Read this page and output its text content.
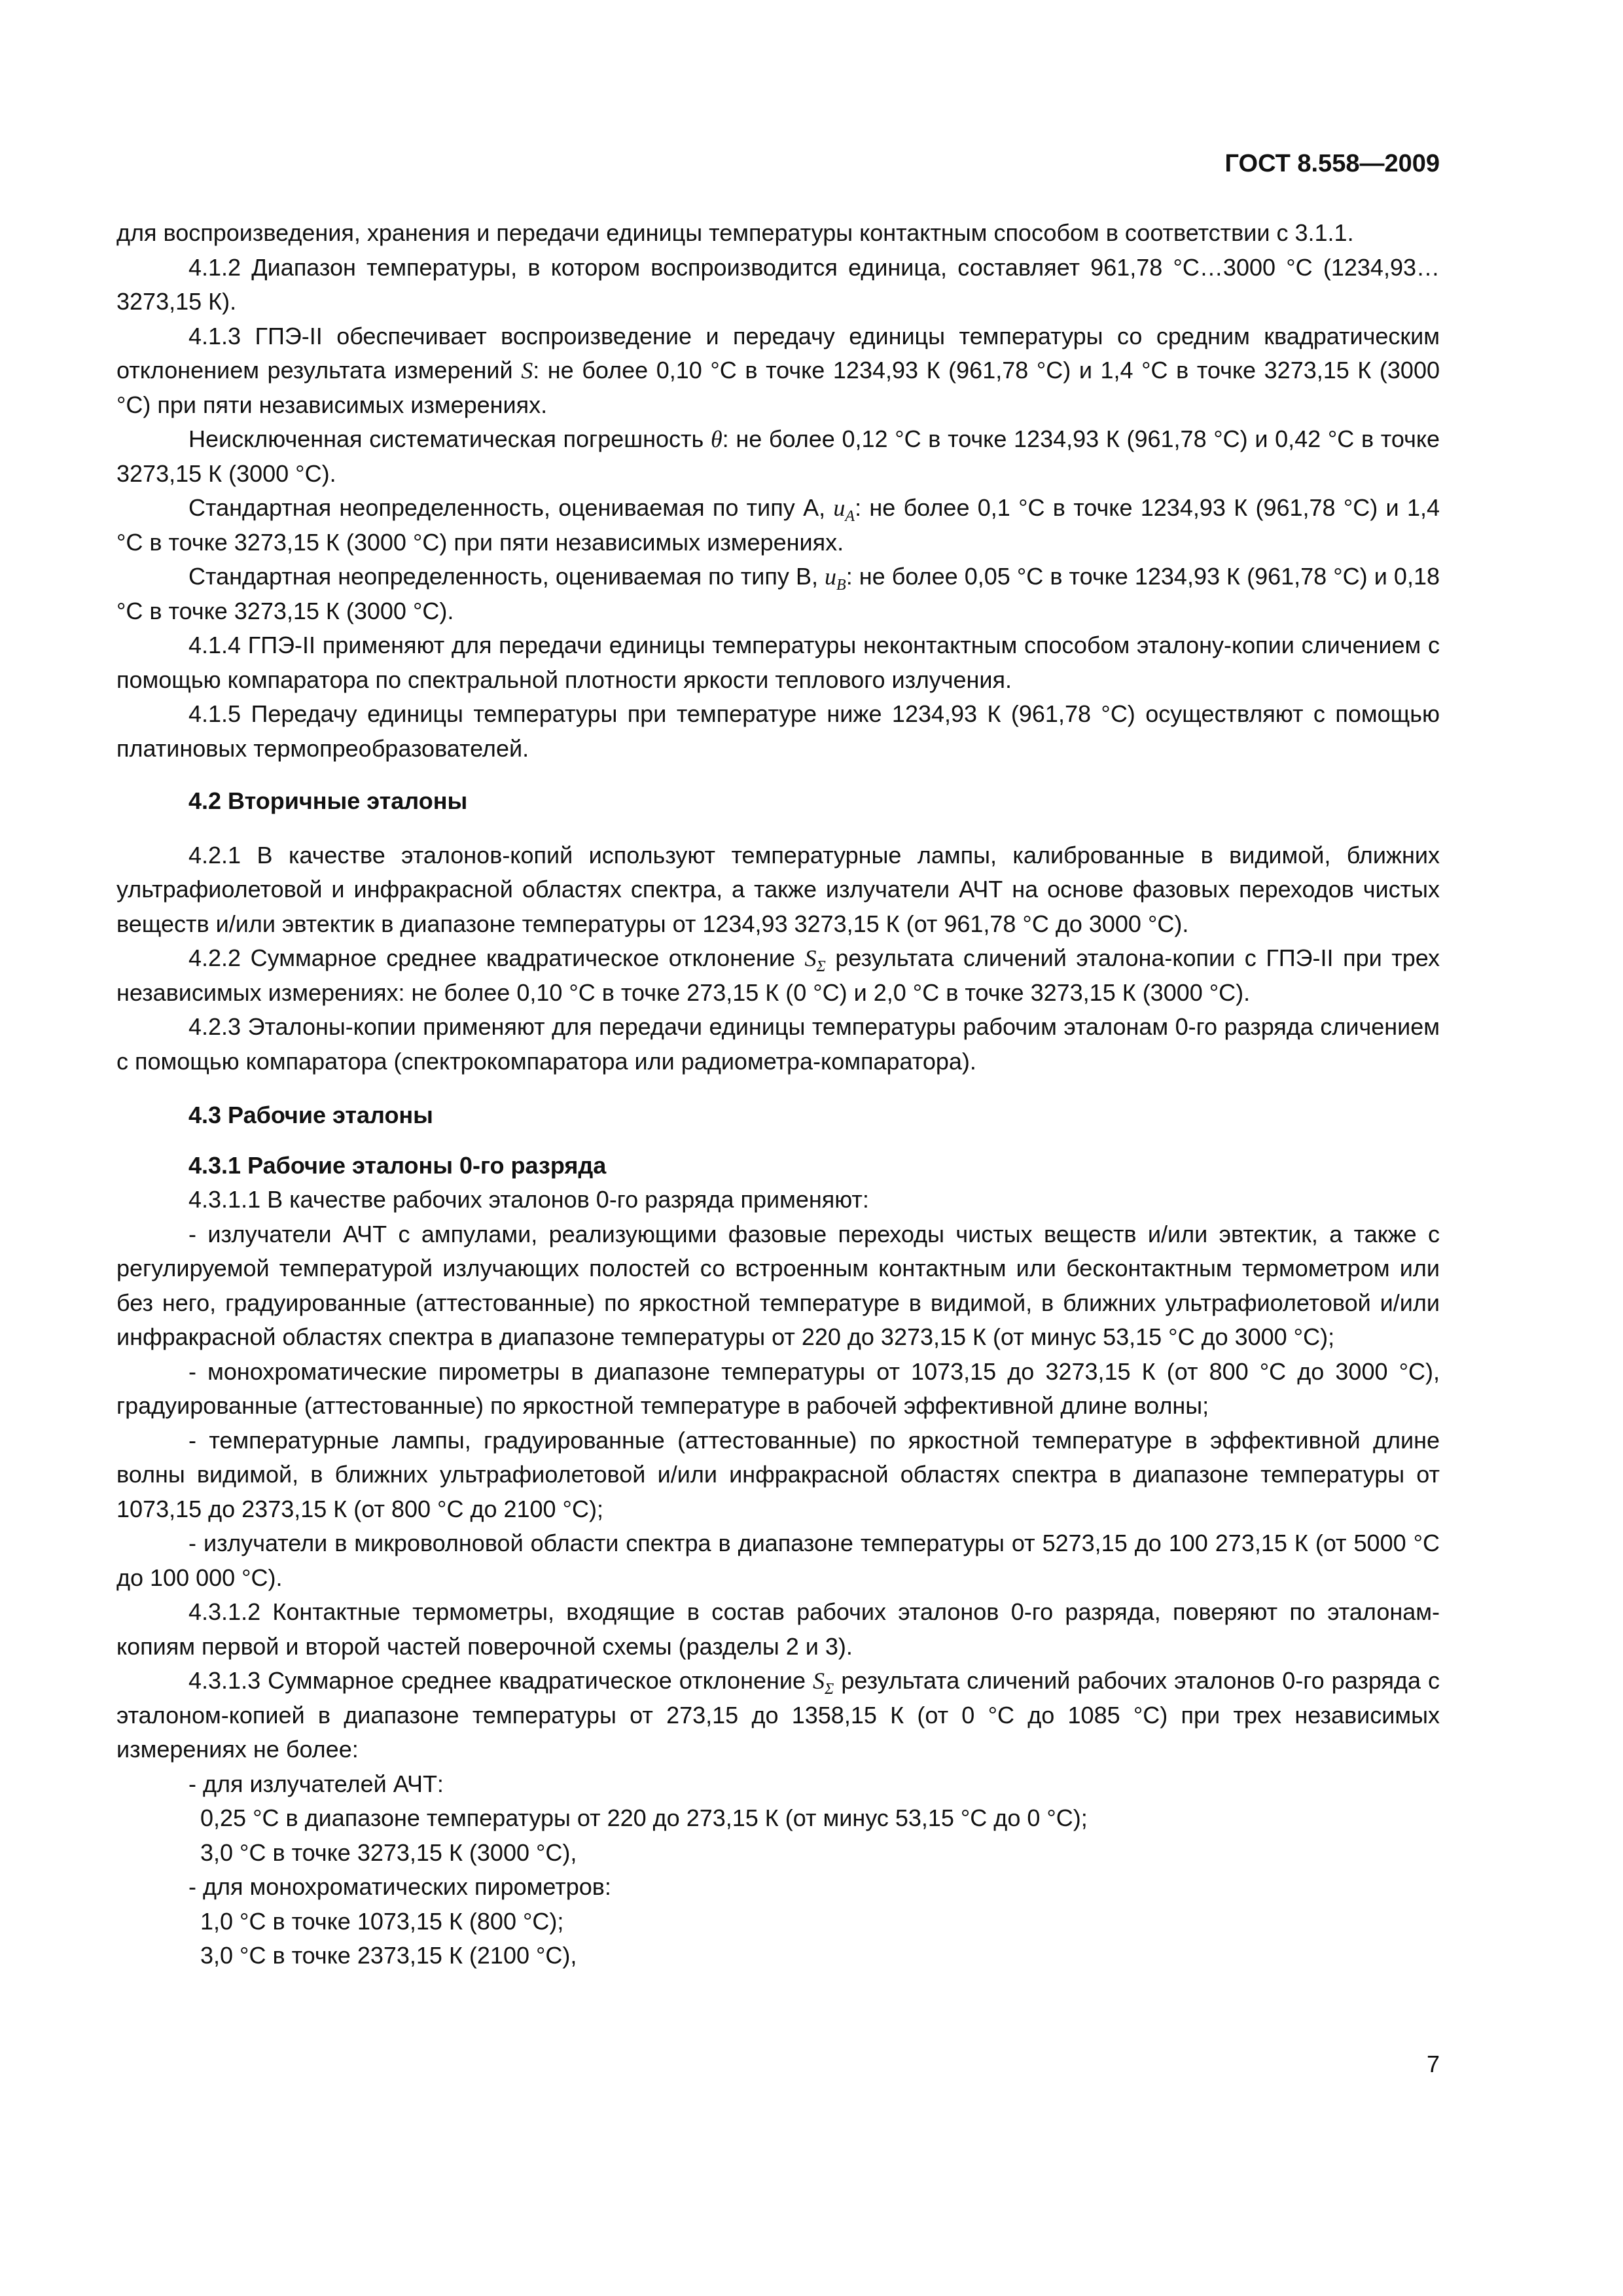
ГОСТ 8.558—2009

для воспроизведения, хранения и передачи единицы температуры контактным способом в соответствии с 3.1.1.

4.1.2 Диапазон температуры, в котором воспроизводится единица, составляет 961,78 °С…3000 °С (1234,93…3273,15 К).

4.1.3 ГПЭ-II обеспечивает воспроизведение и передачу единицы температуры со средним квадратическим отклонением результата измерений S: не более 0,10 °С в точке 1234,93 К (961,78 °С) и 1,4 °С в точке 3273,15 К (3000 °С) при пяти независимых измерениях.

Неисключенная систематическая погрешность θ: не более 0,12 °С в точке 1234,93 К (961,78 °С) и 0,42 °С в точке 3273,15 К (3000 °С).

Стандартная неопределенность, оцениваемая по типу А, $u_A$: не более 0,1 °С в точке 1234,93 К (961,78 °С) и 1,4 °С в точке 3273,15 К (3000 °С) при пяти независимых измерениях.

Стандартная неопределенность, оцениваемая по типу В, $u_B$: не более 0,05 °С в точке 1234,93 К (961,78 °С) и 0,18 °С в точке 3273,15 К (3000 °С).

4.1.4 ГПЭ-II применяют для передачи единицы температуры неконтактным способом эталону-копии сличением с помощью компаратора по спектральной плотности яркости теплового излучения.

4.1.5 Передачу единицы температуры при температуре ниже 1234,93 К (961,78 °С) осуществляют с помощью платиновых термопреобразователей.

4.2 Вторичные эталоны

4.2.1 В качестве эталонов-копий используют температурные лампы, калиброванные в видимой, ближних ультрафиолетовой и инфракрасной областях спектра, а также излучатели АЧТ на основе фазовых переходов чистых веществ и/или эвтектик в диапазоне температуры от 1234,93 3273,15 К (от 961,78 °С до 3000 °С).

4.2.2 Суммарное среднее квадратическое отклонение $S_\Sigma$ результата сличений эталона-копии с ГПЭ-II при трех независимых измерениях: не более 0,10 °С в точке 273,15 К (0 °С) и 2,0 °С в точке 3273,15 К (3000 °С).

4.2.3 Эталоны-копии применяют для передачи единицы температуры рабочим эталонам 0-го разряда сличением с помощью компаратора (спектрокомпаратора или радиометра-компаратора).

4.3 Рабочие эталоны

4.3.1 Рабочие эталоны 0-го разряда

4.3.1.1 В качестве рабочих эталонов 0-го разряда применяют:

- излучатели АЧТ с ампулами, реализующими фазовые переходы чистых веществ и/или эвтектик, а также с регулируемой температурой излучающих полостей со встроенным контактным или бесконтактным термометром или без него, градуированные (аттестованные) по яркостной температуре в видимой, в ближних ультрафиолетовой и/или инфракрасной областях спектра в диапазоне температуры от 220 до 3273,15 К (от минус 53,15 °С до 3000 °С);

- монохроматические пирометры в диапазоне температуры от 1073,15 до 3273,15 К (от 800 °С до 3000 °С), градуированные (аттестованные) по яркостной температуре в рабочей эффективной длине волны;

- температурные лампы, градуированные (аттестованные) по яркостной температуре в эффективной длине волны видимой, в ближних ультрафиолетовой и/или инфракрасной областях спектра в диапазоне температуры от 1073,15 до 2373,15 К (от 800 °С до 2100 °С);

- излучатели в микроволновой области спектра в диапазоне температуры от 5273,15 до 100 273,15 К (от 5000 °С до 100 000 °С).

4.3.1.2 Контактные термометры, входящие в состав рабочих эталонов 0-го разряда, поверяют по эталонам-копиям первой и второй частей поверочной схемы (разделы 2 и 3).

4.3.1.3 Суммарное среднее квадратическое отклонение $S_\Sigma$ результата сличений рабочих эталонов 0-го разряда с эталоном-копией в диапазоне температуры от 273,15 до 1358,15 К (от 0 °С до 1085 °С) при трех независимых измерениях не более:

- для излучателей АЧТ:

0,25 °С в диапазоне температуры от 220 до 273,15 К (от минус 53,15 °С до 0 °С);

3,0 °С в точке 3273,15 К (3000 °С),

- для монохроматических пирометров:

1,0 °С в точке 1073,15 К (800 °С);

3,0 °С в точке 2373,15 К (2100 °С),

7
